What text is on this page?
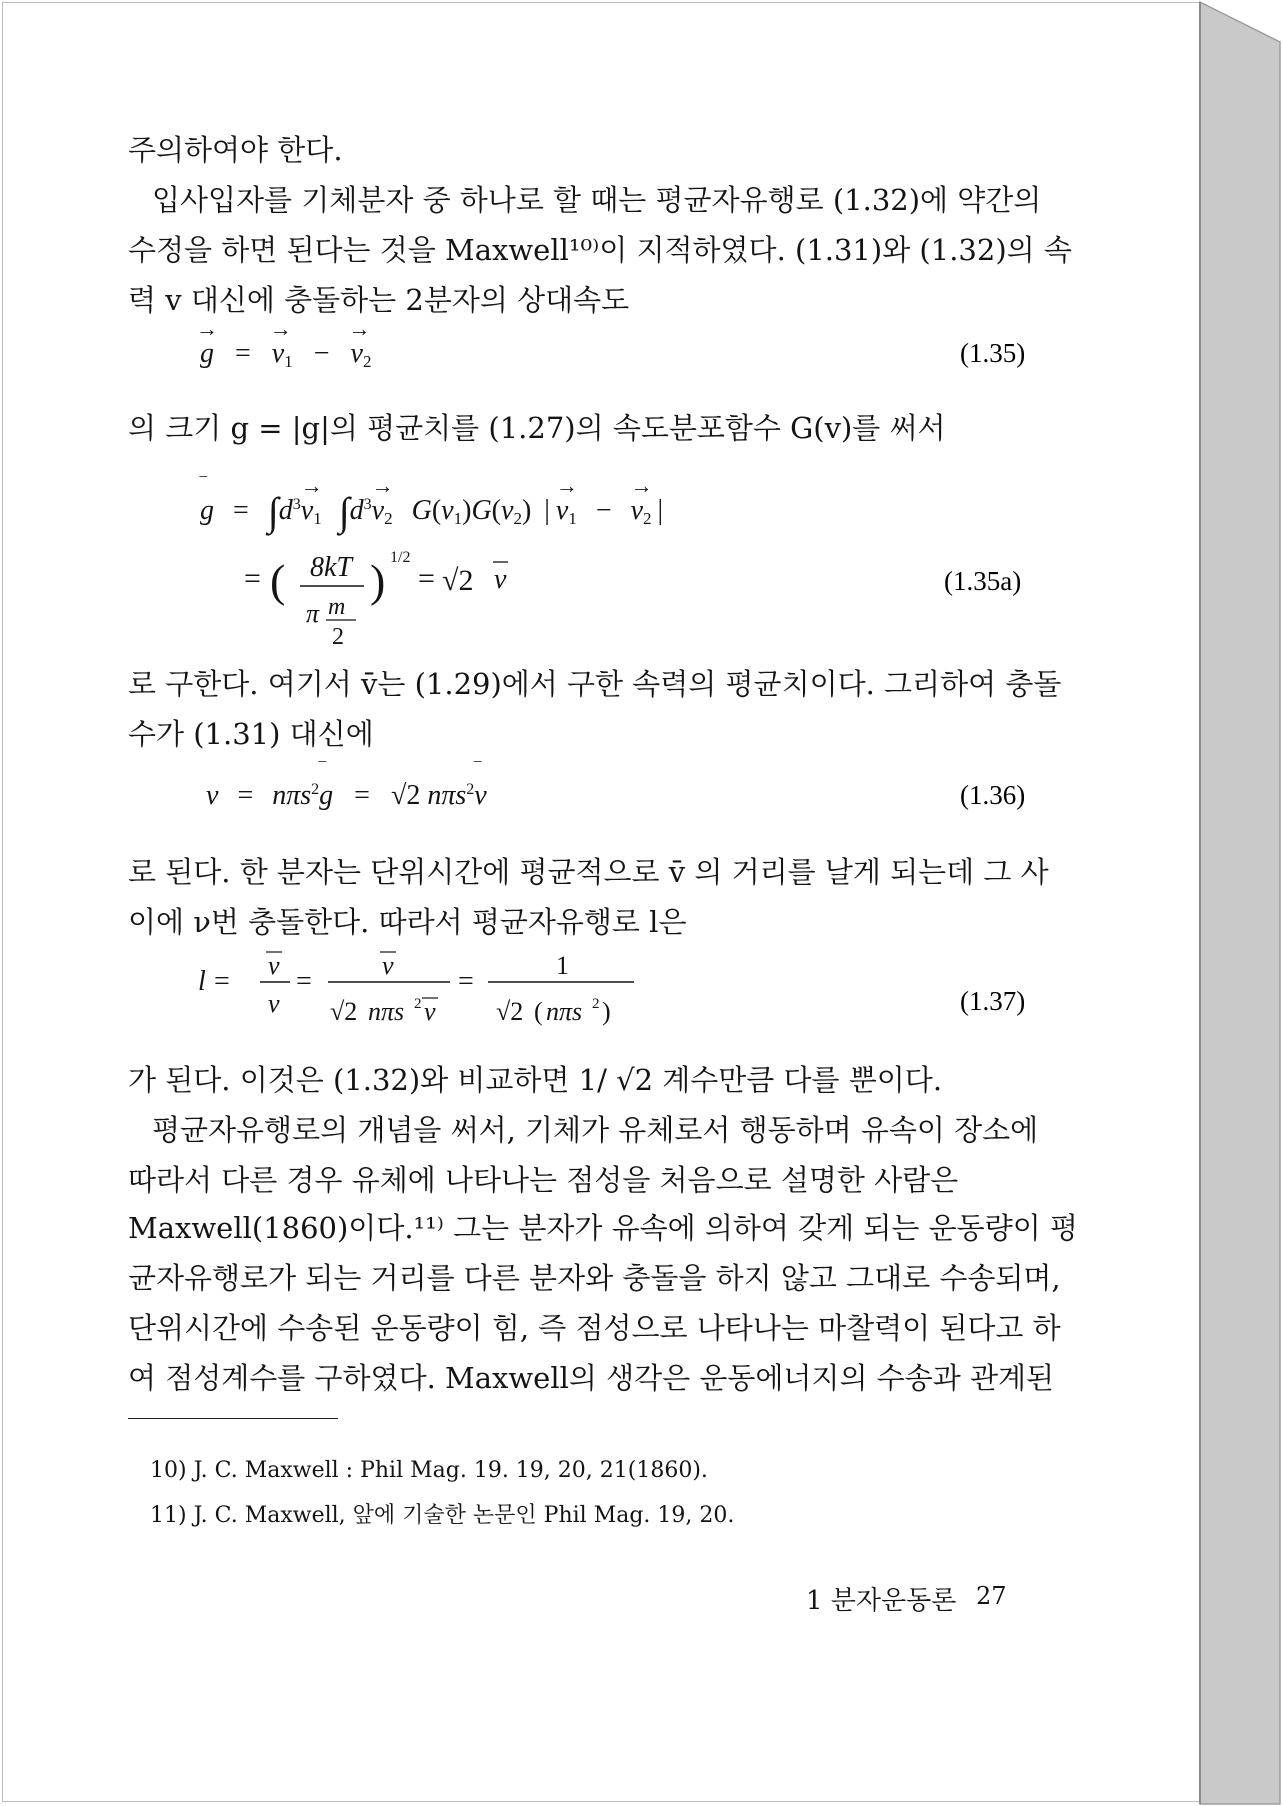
주의하여야 한다.
입사입자를 기체분자 중 하나로 할 때는 평균자유행로 (1.32)에 약간의
수정을 하면 된다는 것을 Maxwell¹⁰⁾이 지적하였다. (1.31)와 (1.32)의 속
력 v 대신에 충돌하는 2분자의 상대속도
g
→
= $v_1$
→
− $v_2$
→
(1.35)
의 크기 g = |g|의 평균치를 (1.27)의 속도분포함수 G(v)를 써서
g
‾
= $\int d^3v_1$
→
$\int d^3v_2$
→
$G(v_1)G(v_2)$ | $v_1$
→
− $v_2$
→
|
= ( 8kT
π m
2
) 1/2
= √2 v	(1.35a)
로 구한다. 여기서 v̄는 (1.29)에서 구한 속력의 평균치이다. 그리하여 충돌
수가 (1.31) 대신에
ν = nπs$^2$g
‾
= √2 nπs$^2$v
‾
(1.36)
로 된다. 한 분자는 단위시간에 평균적으로 v̄ 의 거리를 날게 되는데 그 사
이에 ν번 충돌한다. 따라서 평균자유행로 l은
l =
v
ν
=
v
√2 nπs 2 v
=
1
√2 ( nπs 2 )	(1.37)
가 된다. 이것은 (1.32)와 비교하면 1/ √2 계수만큼 다를 뿐이다.
평균자유행로의 개념을 써서, 기체가 유체로서 행동하며 유속이 장소에
따라서 다른 경우 유체에 나타나는 점성을 처음으로 설명한 사람은
Maxwell(1860)이다.¹¹⁾ 그는 분자가 유속에 의하여 갖게 되는 운동량이 평
균자유행로가 되는 거리를 다른 분자와 충돌을 하지 않고 그대로 수송되며,
단위시간에 수송된 운동량이 힘, 즉 점성으로 나타나는 마찰력이 된다고 하
여 점성계수를 구하였다. Maxwell의 생각은 운동에너지의 수송과 관계된
10) J. C. Maxwell : Phil Mag. 19. 19, 20, 21(1860).
11) J. C. Maxwell, 앞에 기술한 논문인 Phil Mag. 19, 20.
1 분자운동론 27
